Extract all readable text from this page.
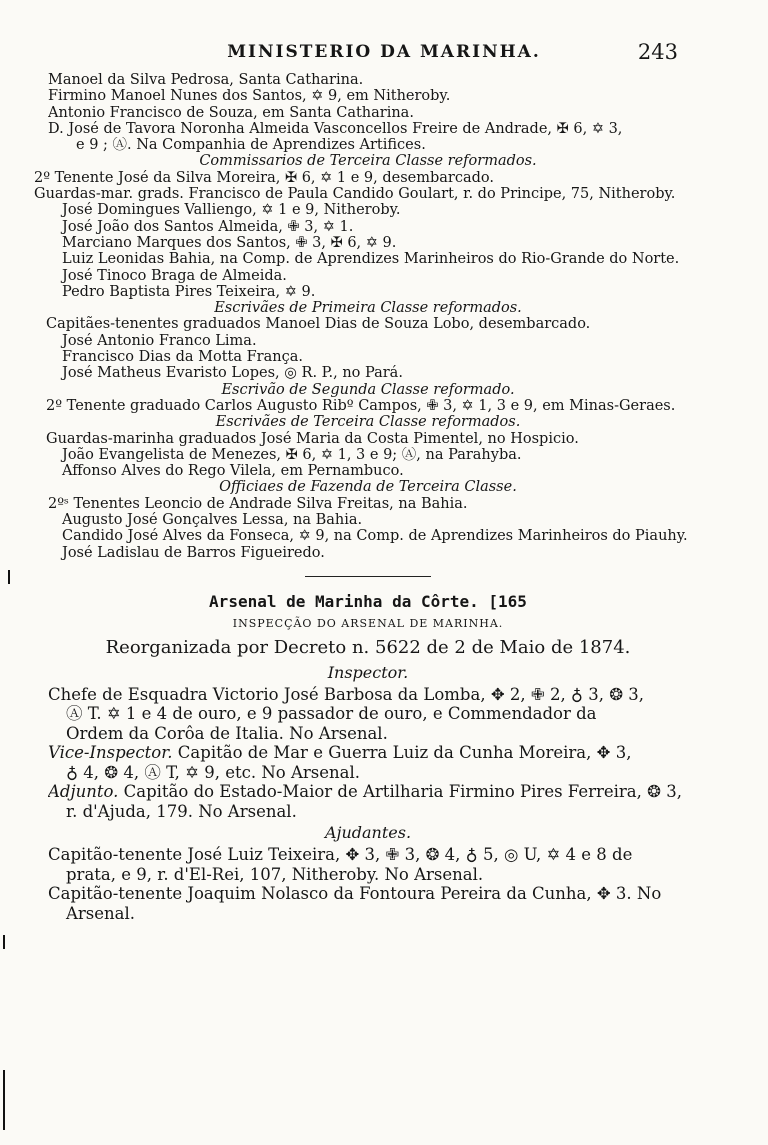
MINISTERIO DA MARINHA.	243
Manoel da Silva Pedrosa, Santa Catharina.
Firmino Manoel Nunes dos Santos, ✡ 9, em Nitheroby.
Antonio Francisco de Souza, em Santa Catharina.
D. José de Tavora Noronha Almeida Vasconcellos Freire de Andrade, ✠ 6, ✡ 3,
e 9 ; Ⓐ. Na Companhia de Aprendizes Artifices.
Commissarios de Terceira Classe reformados.
2º Tenente José da Silva Moreira, ✠ 6, ✡ 1 e 9, desembarcado.
Guardas-mar. grads. Francisco de Paula Candido Goulart, r. do Principe, 75, Nitheroby.
José Domingues Valliengo, ✡ 1 e 9, Nitheroby.
José João dos Santos Almeida, ✙ 3, ✡ 1.
Marciano Marques dos Santos, ✙ 3, ✠ 6, ✡ 9.
Luiz Leonidas Bahia, na Comp. de Aprendizes Marinheiros do Rio-Grande do Norte.
José Tinoco Braga de Almeida.
Pedro Baptista Pires Teixeira, ✡ 9.
Escrivães de Primeira Classe reformados.
Capitães-tenentes graduados Manoel Dias de Souza Lobo, desembarcado.
José Antonio Franco Lima.
Francisco Dias da Motta França.
José Matheus Evaristo Lopes, ◎ R. P., no Pará.
Escrivão de Segunda Classe reformado.
2º Tenente graduado Carlos Augusto Ribº Campos, ✙ 3, ✡ 1, 3 e 9, em Minas-Geraes.
Escrivães de Terceira Classe reformados.
Guardas-marinha graduados José Maria da Costa Pimentel, no Hospicio.
João Evangelista de Menezes, ✠ 6, ✡ 1, 3 e 9; Ⓐ, na Parahyba.
Affonso Alves do Rego Vilela, em Pernambuco.
Officiaes de Fazenda de Terceira Classe.
2ºˢ Tenentes Leoncio de Andrade Silva Freitas, na Bahia.
Augusto José Gonçalves Lessa, na Bahia.
Candido José Alves da Fonseca, ✡ 9, na Comp. de Aprendizes Marinheiros do Piauhy.
José Ladislau de Barros Figueiredo.
Arsenal de Marinha da Côrte. [165
INSPECÇÃO DO ARSENAL DE MARINHA.
Reorganizada por Decreto n. 5622 de 2 de Maio de 1874.
Inspector.
Chefe de Esquadra Victorio José Barbosa da Lomba, ✥ 2, ✙ 2, ♁ 3, ❂ 3,
Ⓐ T. ✡ 1 e 4 de ouro, e 9 passador de ouro, e Commendador da
Ordem da Corôa de Italia. No Arsenal.
Vice-Inspector. Capitão de Mar e Guerra Luiz da Cunha Moreira, ✥ 3,
♁ 4, ❂ 4, Ⓐ T, ✡ 9, etc. No Arsenal.
Adjunto. Capitão do Estado-Maior de Artilharia Firmino Pires Ferreira, ❂ 3,
r. d'Ajuda, 179. No Arsenal.
Ajudantes.
Capitão-tenente José Luiz Teixeira, ✥ 3, ✙ 3, ❂ 4, ♁ 5, ◎ U, ✡ 4 e 8 de
prata, e 9, r. d'El-Rei, 107, Nitheroby. No Arsenal.
Capitão-tenente Joaquim Nolasco da Fontoura Pereira da Cunha, ✥ 3. No
Arsenal.
